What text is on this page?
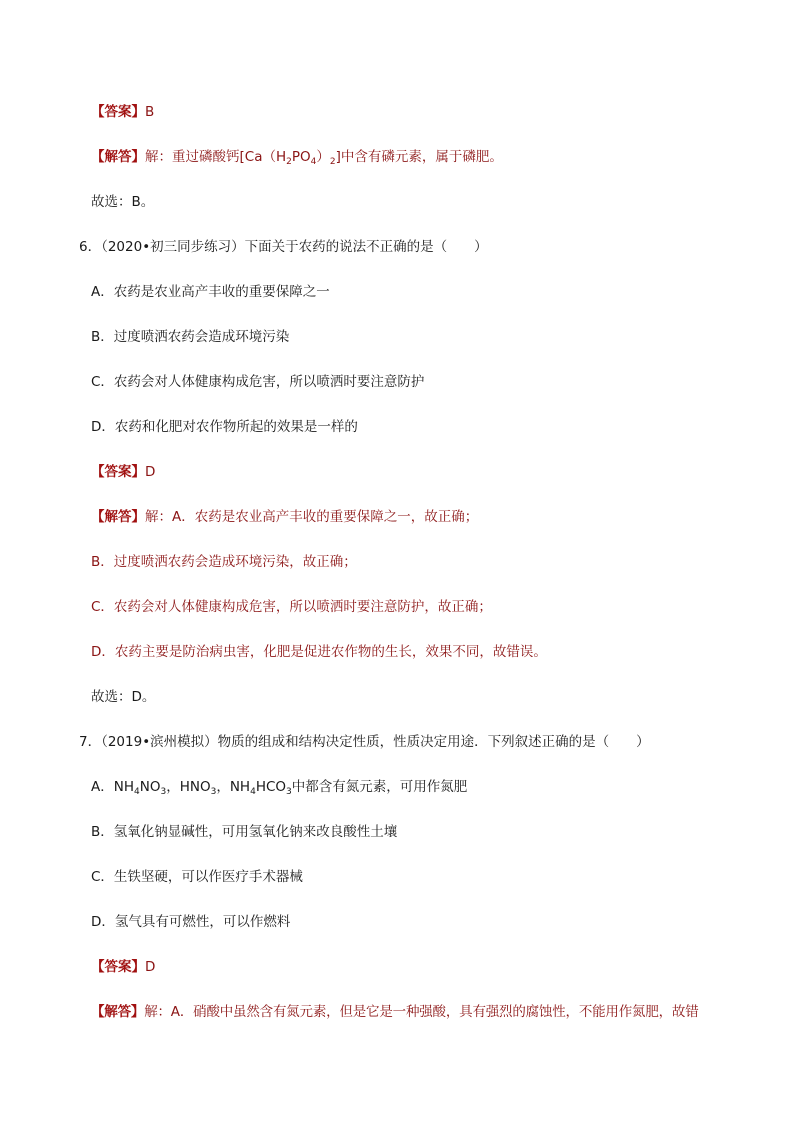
【答案】B
【解答】解：重过磷酸钙$[Ca(H_2PO_4)_2]$中含有磷元素，属于磷肥。
故选：B。
6．（2020•初三同步练习）下面关于农药的说法不正确的是（　　）
A．农药是农业高产丰收的重要保障之一
B．过度喷洒农药会造成环境污染
C．农药会对人体健康构成危害，所以喷洒时要注意防护
D．农药和化肥对农作物所起的效果是一样的
【答案】D
【解答】解：A．农药是农业高产丰收的重要保障之一，故正确；
B．过度喷洒农药会造成环境污染，故正确；
C．农药会对人体健康构成危害，所以喷洒时要注意防护，故正确；
D．农药主要是防治病虫害，化肥是促进农作物的生长，效果不同，故错误。
故选：D。
7．（2019•滨州模拟）物质的组成和结构决定性质，性质决定用途．下列叙述正确的是（　　）
A．$NH_4NO_3$，$HNO_3$，$NH_4HCO_3$中都含有氮元素，可用作氮肥
B．氢氧化钠显碱性，可用氢氧化钠来改良酸性土壤
C．生铁坚硬，可以作医疗手术器械
D．氢气具有可燃性，可以作燃料
【答案】D
【解答】解：A．硝酸中虽然含有氮元素，但是它是一种强酸，具有强烈的腐蚀性，不能用作氮肥，故错
